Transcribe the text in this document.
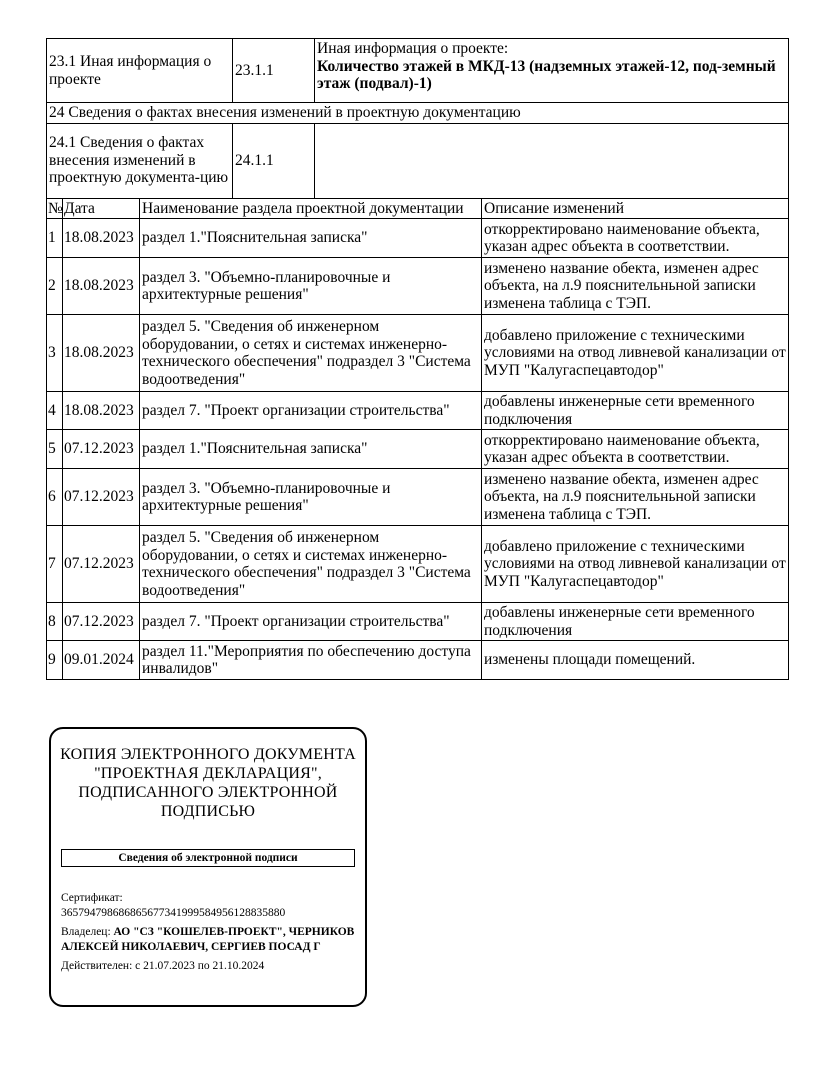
23.1 Иная информация о проекте	23.1.1	Иная информация о проекте:
Количество этажей в МКД-13 (надземных этажей-12, под-земный этаж (подвал)-1)

24 Сведения о фактах внесения изменений в проектную документацию		
24.1 Сведения о фактах внесения изменений в проектную документа-цию	24.1.1	
№	Дата	Наименование раздела проектной документации	Описание изменений
1	18.08.2023	раздел 1."Пояснительная записка"	откорректировано наименование объекта, указан адрес объекта в соответствии.
2	18.08.2023	раздел 3. "Объемно-планировочные и архитектурные решения"	изменено название обекта, изменен адрес объекта, на л.9 пояснительньной записки изменена таблица с ТЭП.
3	18.08.2023	раздел 5. "Сведения об инженерном оборудовании, о сетях и системах инженерно-технического обеспечения" подраздел 3 "Система водоотведения"	добавлено приложение с техническими условиями на отвод ливневой канализации от МУП "Калугаспецавтодор"
4	18.08.2023	раздел 7. "Проект организации строительства"	добавлены инженерные сети временного подключения
5	07.12.2023	раздел 1."Пояснительная записка"	откорректировано наименование объекта, указан адрес объекта в соответствии.
6	07.12.2023	раздел 3. "Объемно-планировочные и архитектурные решения"	изменено название обекта, изменен адрес объекта, на л.9 пояснительньной записки изменена таблица с ТЭП.
7	07.12.2023	раздел 5. "Сведения об инженерном оборудовании, о сетях и системах инженерно-технического обеспечения" подраздел 3 "Система водоотведения"	добавлено приложение с техническими условиями на отвод ливневой канализации от МУП "Калугаспецавтодор"
8	07.12.2023	раздел 7. "Проект организации строительства"	добавлены инженерные сети временного подключения
9	09.01.2024	раздел 11."Мероприятия по обеспечению доступа инвалидов"	изменены площади помещений.
КОПИЯ ЭЛЕКТРОННОГО ДОКУМЕНТА "ПРОЕКТНАЯ ДЕКЛАРАЦИЯ", ПОДПИСАННОГО ЭЛЕКТРОННОЙ ПОДПИСЬЮ
Сведения об электронной подписи
Сертификат:
365794798686865677341999584956128835880
Владелец: АО "СЗ "КОШЕЛЕВ-ПРОЕКТ", ЧЕРНИКОВ АЛЕКСЕЙ НИКОЛАЕВИЧ, СЕРГИЕВ ПОСАД Г
Действителен: с 21.07.2023 по 21.10.2024
